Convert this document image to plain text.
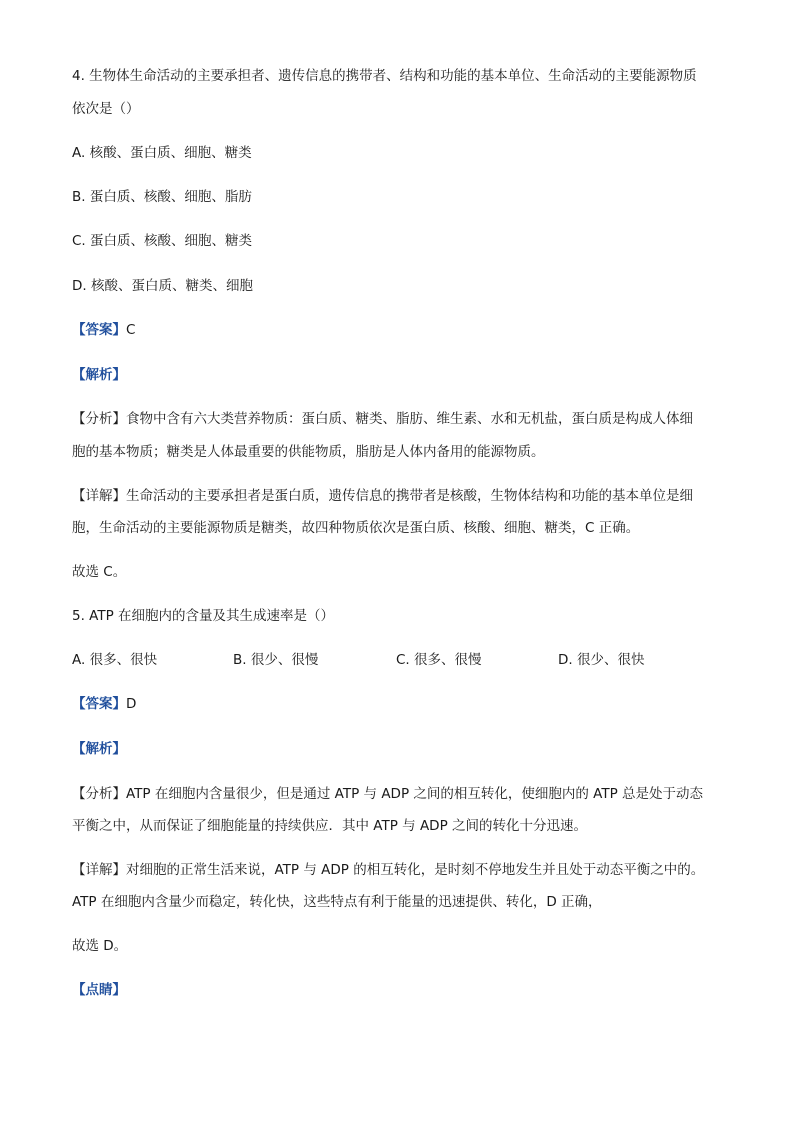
4. 生物体生命活动的主要承担者、遗传信息的携带者、结构和功能的基本单位、生命活动的主要能源物质
依次是（）
A. 核酸、蛋白质、细胞、糖类
B. 蛋白质、核酸、细胞、脂肪
C. 蛋白质、核酸、细胞、糖类
D. 核酸、蛋白质、糖类、细胞
【答案】C
【解析】
【分析】食物中含有六大类营养物质：蛋白质、糖类、脂肪、维生素、水和无机盐，蛋白质是构成人体细
胞的基本物质；糖类是人体最重要的供能物质，脂肪是人体内备用的能源物质。
【详解】生命活动的主要承担者是蛋白质，遗传信息的携带者是核酸，生物体结构和功能的基本单位是细
胞，生命活动的主要能源物质是糖类，故四种物质依次是蛋白质、核酸、细胞、糖类，C 正确。
故选 C。
5. ATP 在细胞内的含量及其生成速率是（）
A. 很多、很快	B. 很少、很慢	C. 很多、很慢	D. 很少、很快
【答案】D
【解析】
【分析】ATP 在细胞内含量很少，但是通过 ATP 与 ADP 之间的相互转化，使细胞内的 ATP 总是处于动态
平衡之中，从而保证了细胞能量的持续供应．其中 ATP 与 ADP 之间的转化十分迅速。
【详解】对细胞的正常生活来说，ATP 与 ADP 的相互转化，是时刻不停地发生并且处于动态平衡之中的。
ATP 在细胞内含量少而稳定，转化快，这些特点有利于能量的迅速提供、转化，D 正确，
故选 D。
【点睛】
